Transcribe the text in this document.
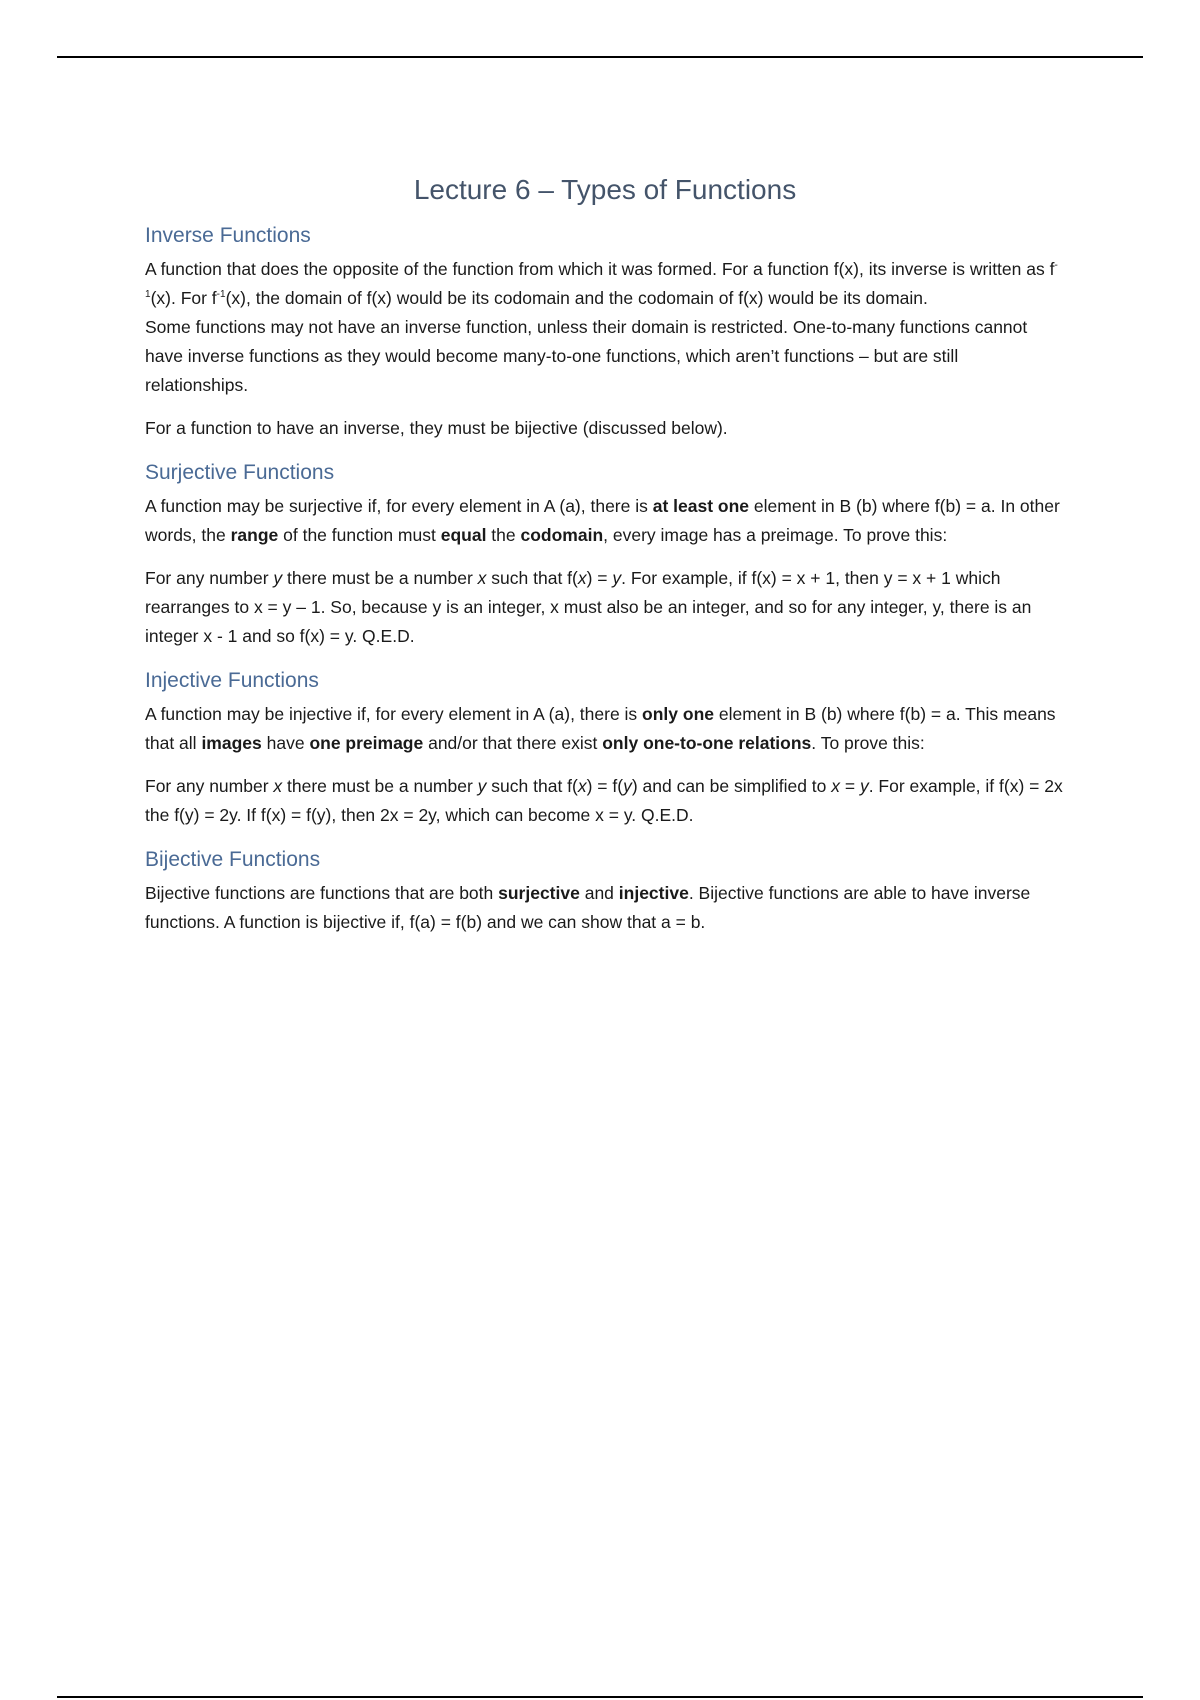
Lecture 6 – Types of Functions
Inverse Functions

A function that does the opposite of the function from which it was formed. For a function f(x), its inverse is written as $f^{-1}(x)$. For $f^{-1}(x)$, the domain of f(x) would be its codomain and the codomain of f(x) would be its domain.

Some functions may not have an inverse function, unless their domain is restricted. One-to-many functions cannot have inverse functions as they would become many-to-one functions, which aren’t functions – but are still relationships.

For a function to have an inverse, they must be bijective (discussed below).

Surjective Functions

A function may be surjective if, for every element in A (a), there is at least one element in B (b) where f(b) = a. In other words, the range of the function must equal the codomain, every image has a preimage. To prove this:

For any number y there must be a number x such that f(x) = y. For example, if f(x) = x + 1, then y = x + 1 which rearranges to x = y – 1. So, because y is an integer, x must also be an integer, and so for any integer, y, there is an integer x - 1 and so f(x) = y. Q.E.D.

Injective Functions

A function may be injective if, for every element in A (a), there is only one element in B (b) where f(b) = a. This means that all images have one preimage and/or that there exist only one-to-one relations. To prove this:

For any number x there must be a number y such that f(x) = f(y) and can be simplified to x = y. For example, if f(x) = 2x the f(y) = 2y. If f(x) = f(y), then 2x = 2y, which can become x = y. Q.E.D.

Bijective Functions

Bijective functions are functions that are both surjective and injective. Bijective functions are able to have inverse functions. A function is bijective if, f(a) = f(b) and we can show that a = b.
